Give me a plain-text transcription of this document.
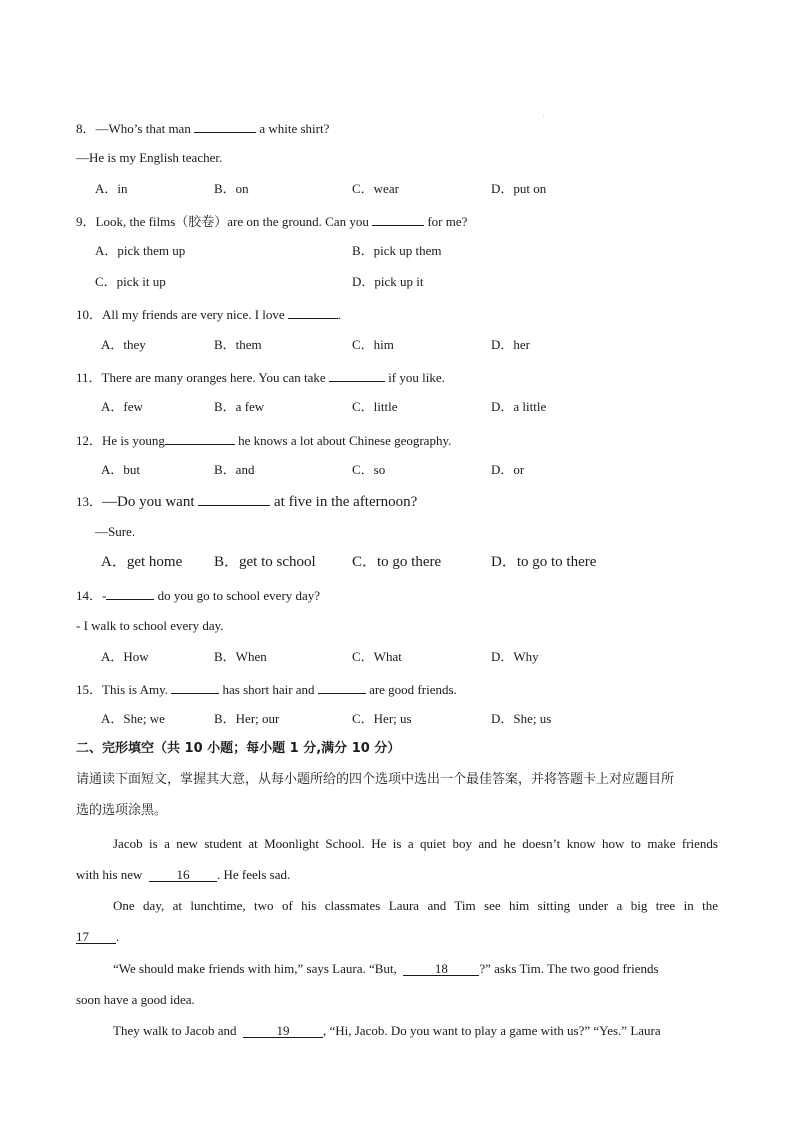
:
8．—Who’s that man	a white shirt?
—He is my English teacher.
A．in	B．on	C．wear	D．put on
9．Look, the films（胶卷）are on the ground. Can you	for me?
A．pick them up	B．pick up them
C．pick it up	D．pick up it
10．All my friends are very nice. I love	.
A．they	B．them	C．him	D．her
11．There are many oranges here. You can take	if you like.
A．few	B．a few	C．little	D．a little
12．He is young	he knows a lot about Chinese geography.
A．but	B．and	C．so	D．or
13．—Do you want	at five in the afternoon?
—Sure.
A．get home B．get to school C．to go there	D．to go to there
14．-	do you go to school every day?
- I walk to school every day.
A．How	B．When	C．What	D．Why
15．This is Amy.	has short hair and	are good friends.
A．She; we	B．Her; our	C．Her; us	D．She; us
二、完形填空（共 10 小题；每小题 1 分,满分 10 分）
请通读下面短文，掌握其大意，从每小题所给的四个选项中选出一个最佳答案，并将答题卡上对应题目所
选的选项涂黑。
Jacob is a new student at Moonlight School. He is a quiet boy and he doesn’t know how to make friends
with his new  16 . He feels sad.
One day, at lunchtime, two of his classmates Laura and Tim see him sitting under a big tree in the
17 .
“We should make friends with him,” says Laura. “But,	18 ?” asks Tim. The two good friends
soon have a good idea.
They walk to Jacob and	19	, “Hi, Jacob. Do you want to play a game with us?” “Yes.” Laura
